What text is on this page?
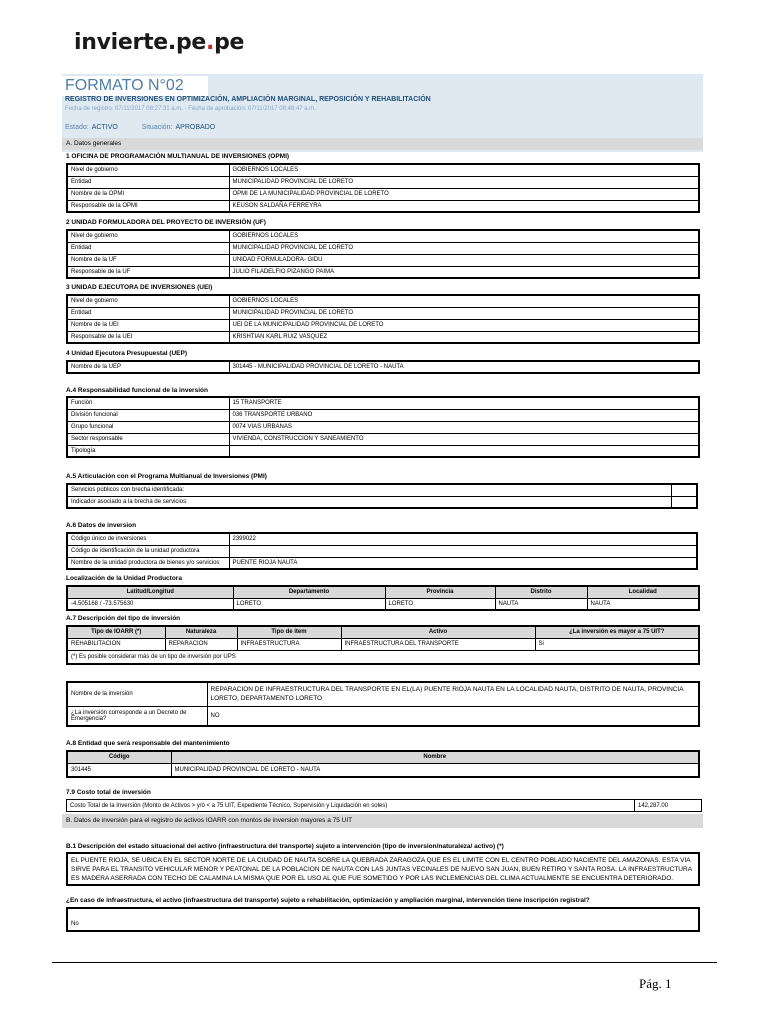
invierte.pe.pe
FORMATO N°02
REGISTRO DE INVERSIONES EN OPTIMIZACIÓN, AMPLIACIÓN MARGINAL, REPOSICIÓN Y REHABILITACIÓN
Fecha de registro: 07/11/2017 08:27:31 a.m. · Fecha de aprobación: 07/11/2017 08:48:47 a.m.
Estado: ACTIVO	Situación: APROBADO
A. Datos generales
1 OFICINA DE PROGRAMACIÓN MULTIANUAL DE INVERSIONES (OPMI)
Nivel de gobierno	GOBIERNOS LOCALES
Entidad	MUNICIPALIDAD PROVINCIAL DE LORETO
Nombre de la OPMI	OPMI DE LA MUNICIPALIDAD PROVINCIAL DE LORETO
Responsable de la OPMI	KEUSON SALDAÑA FERREYRA
2 UNIDAD FORMULADORA DEL PROYECTO DE INVERSIÓN (UF)
Nivel de gobierno	GOBIERNOS LOCALES
Entidad	MUNICIPALIDAD PROVINCIAL DE LORETO
Nombre de la UF	UNIDAD FORMULADORA- GIDU
Responsable de la UF	JULIO FILADELFIO PIZANGO PAIMA
3 UNIDAD EJECUTORA DE INVERSIONES (UEI)
Nivel de gobierno	GOBIERNOS LOCALES
Entidad	MUNICIPALIDAD PROVINCIAL DE LORETO
Nombre de la UEI	UEI DE LA MUNICIPALIDAD PROVINCIAL DE LORETO
Responsable de la UEI	KRISHTIAN KARL RUIZ VASQUEZ
4 Unidad Ejecutora Presupuestal (UEP)
Nombre de la UEP	301445 - MUNICIPALIDAD PROVINCIAL DE LORETO - NAUTA
A.4 Responsabilidad funcional de la inversión
Función	15 TRANSPORTE
División funcional	036 TRANSPORTE URBANO
Grupo funcional	0074 VIAS URBANAS
Sector responsable	VIVIENDA, CONSTRUCCION Y SANEAMIENTO
Tipología	
A.5 Articulación con el Programa Multianual de Inversiones (PMI)
Servicios públicos con brecha identificada:	
Indicador asociado a la brecha de servicios:	
A.6 Datos de inversion
Código único de inversiones	2399022
Código de identificación de la unidad productora	
Nombre de la unidad productora de bienes y/o servicios	PUENTE RIOJA NAUTA
Localización de la Unidad Productora
Latitud/Longitud	Departamento	Provincia	Distrito	Localidad
-4.505168 / -73.575630	LORETO	LORETO	NAUTA	NAUTA
A.7 Descripción del tipo de inversión
Tipo de IOARR (*)	Naturaleza	Tipo de ítem	Activo	¿La inversión es mayor a 75 UIT?
REHABILITACION	REPARACION	INFRAESTRUCTURA	INFRAESTRUCTURA DEL TRANSPORTE	Si
(*) Es posible considerar más de un tipo de inversión por UPS				
Nombre de la inversión	REPARACION DE INFRAESTRUCTURA DEL TRANSPORTE EN EL(LA) PUENTE RIOJA NAUTA EN LA LOCALIDAD NAUTA, DISTRITO DE NAUTA, PROVINCIA LORETO, DEPARTAMENTO LORETO
¿La inversión corresponde a un Decreto de Emergencia?	NO
A.8 Entidad que será responsable del mantenimiento
Código	Nombre
301445	MUNICIPALIDAD PROVINCIAL DE LORETO - NAUTA
7.9 Costo total de inversión
Costo Total de la Inversión (Monto de Activos > y/ó < a 75 UIT, Expediente Técnico, Supervisión y Liquidación en soles)	142,287.00
B. Datos de inversión para el registro de activos IOARR con montos de inversion mayores a 75 UIT
B.1 Descripción del estado situacional del activo (infraestructura del transporte) sujeto a intervención (tipo de inversion/naturaleza/ activo) (*)
EL PUENTE RIOJA, SE UBICA EN EL SECTOR NORTE DE LA CIUDAD DE NAUTA SOBRE LA QUEBRADA ZARAGOZA QUE ES EL LIMITE CON EL CENTRO POBLADO NACIENTE DEL AMAZONAS. ESTA VIA SIRVE PARA EL TRANSITO VEHICULAR MENOR Y PEATONAL DE LA POBLACION DE NAUTA CON LAS JUNTAS VECINALES DE NUEVO SAN JUAN, BUEN RETIRO Y SANTA ROSA. LA INFRAESTRUCTURA ES MADERA ASERRADA CON TECHO DE CALAMINA LA MISMA QUE POR EL USO AL QUE FUE SOMETIDO Y POR LAS INCLEMENCIAS DEL CLIMA ACTUALMENTE SE ENCUENTRA DETERIORADO.
¿En caso de infraestructura, el activo (infraestructura del transporte) sujeto a rehabilitación, optimización y ampliación marginal, intervención tiene inscripción registral?
No
Pág. 1
